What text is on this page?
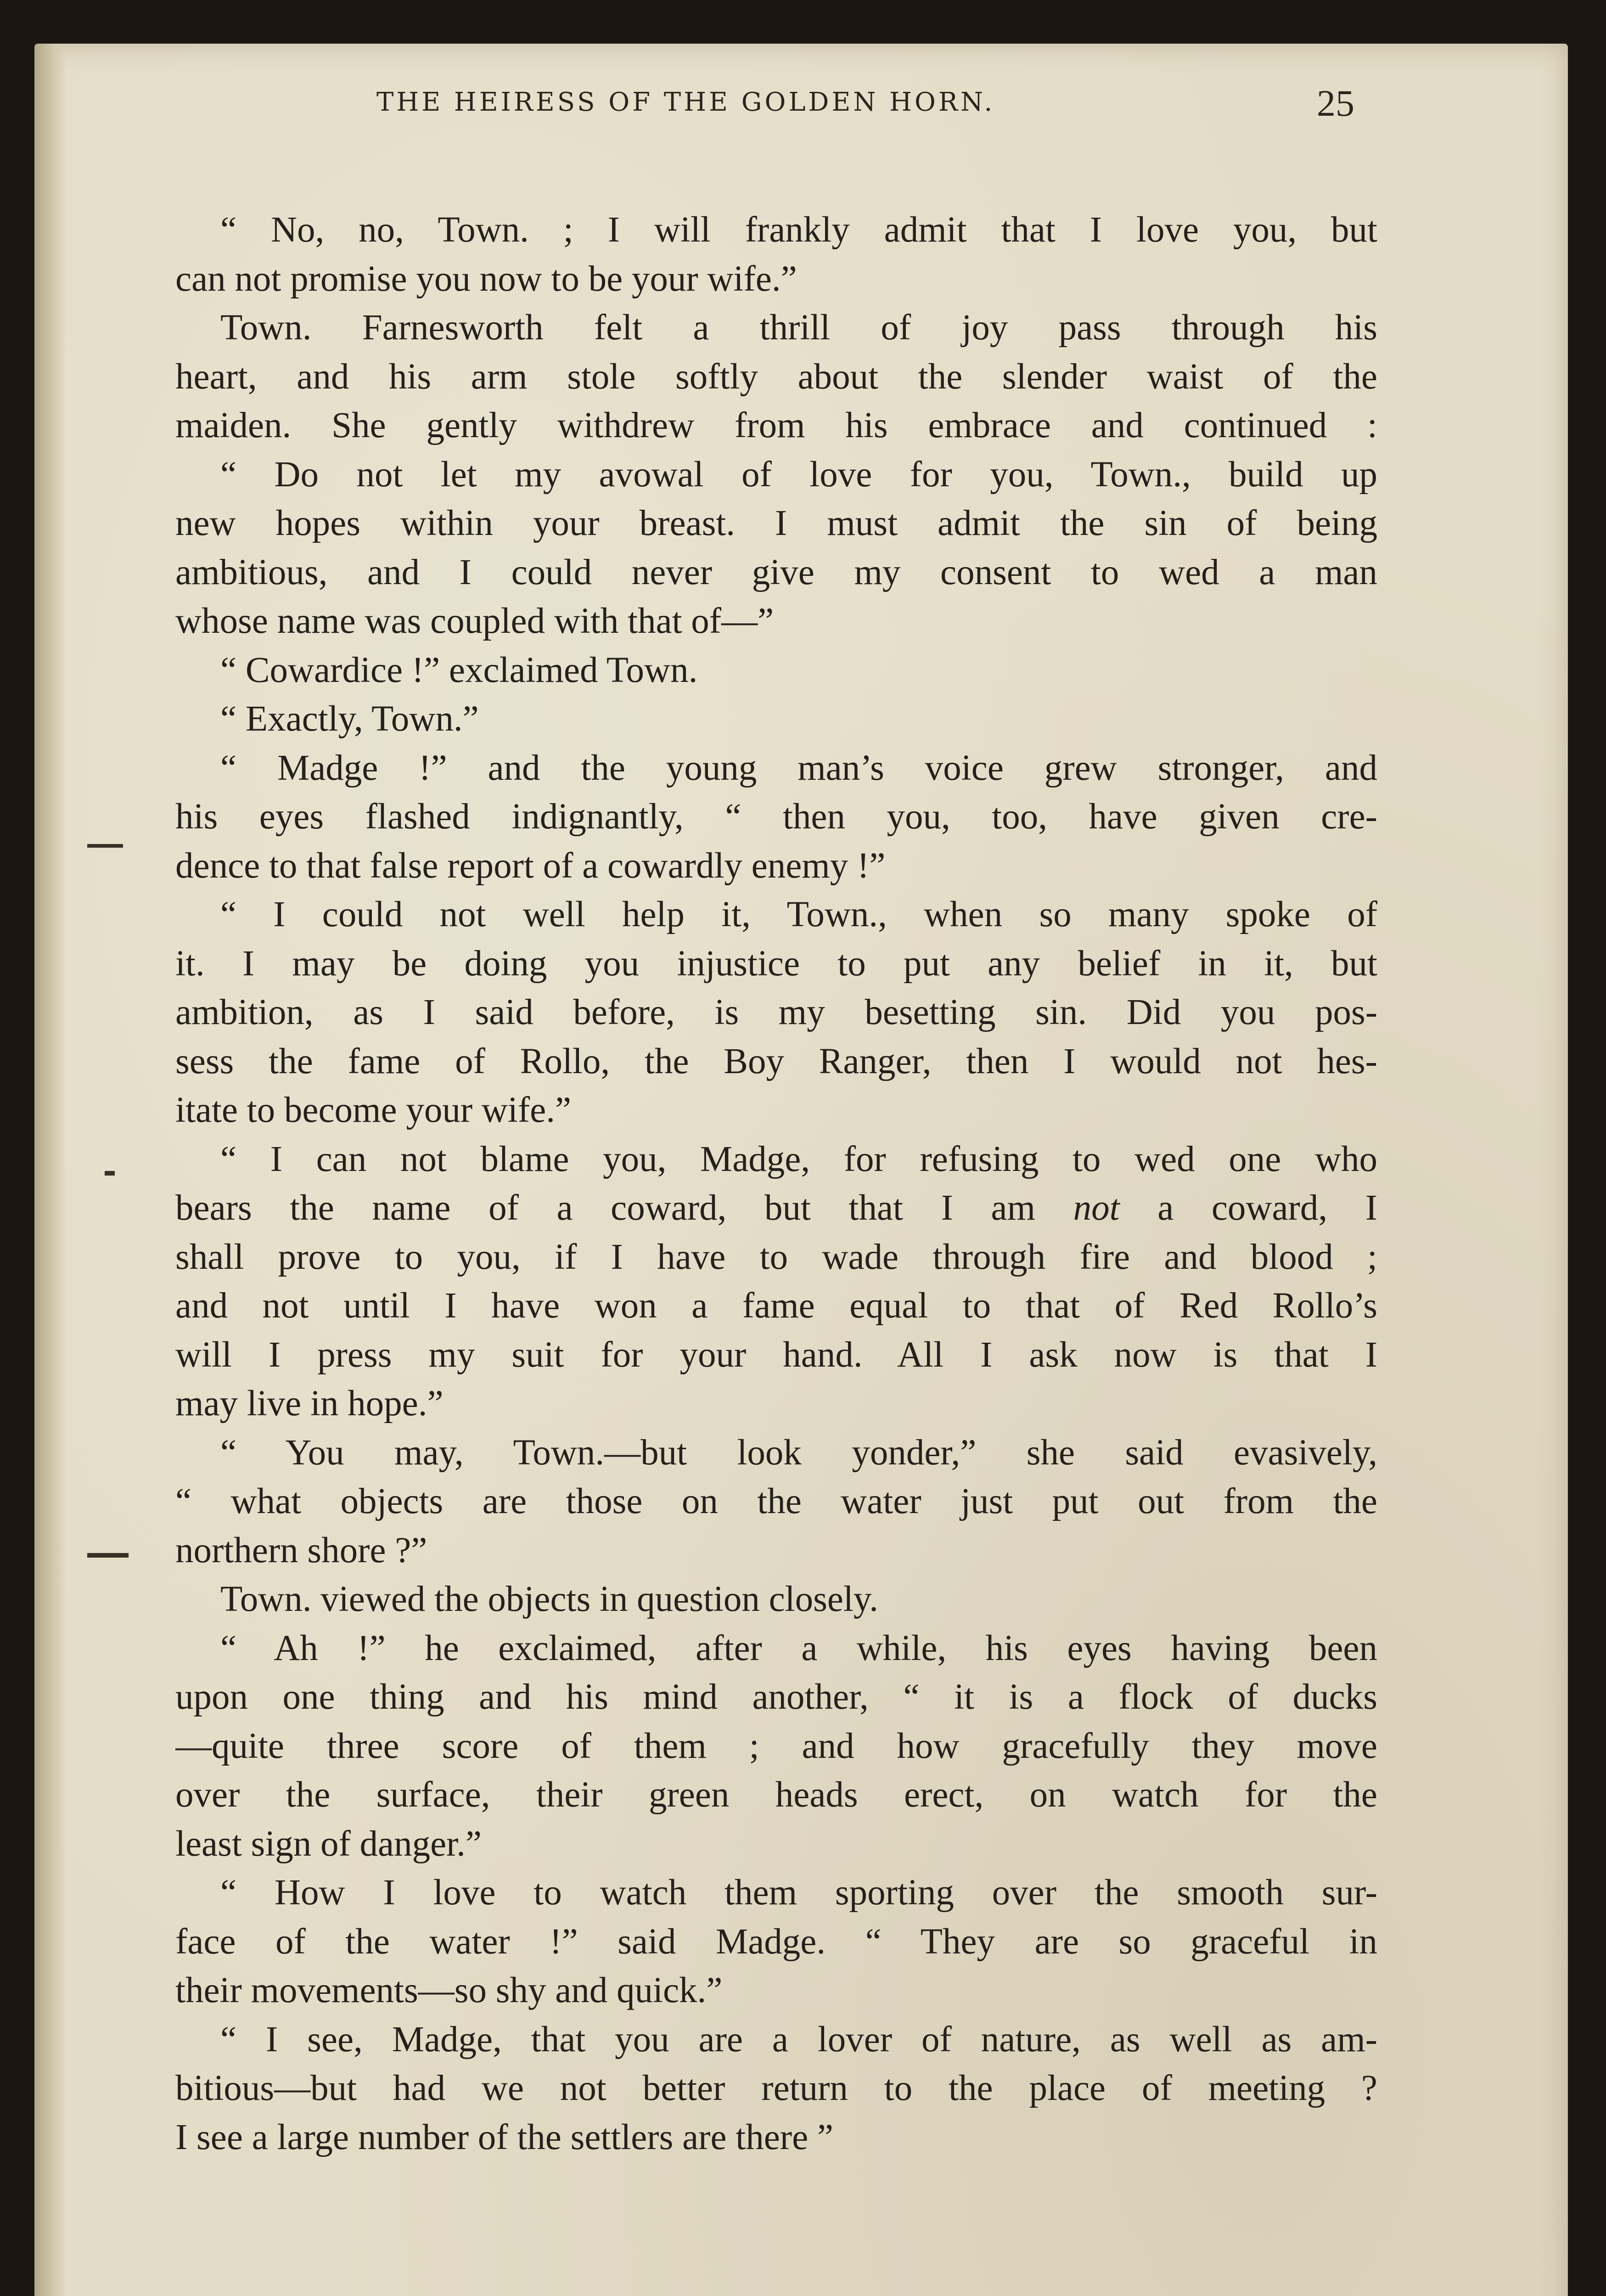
THE HEIRESS OF THE GOLDEN HORN.	25
“ No, no, Town. ; I will frankly admit that I love you, but
can not promise you now to be your wife.”
Town. Farnesworth felt a thrill of joy pass through his
heart, and his arm stole softly about the slender waist of the
maiden. She gently withdrew from his embrace and continued :
“ Do not let my avowal of love for you, Town., build up
new hopes within your breast. I must admit the sin of being
ambitious, and I could never give my consent to wed a man
whose name was coupled with that of—”
“ Cowardice !” exclaimed Town.
“ Exactly, Town.”
“ Madge !” and the young man’s voice grew stronger, and
his eyes flashed indignantly, “ then you, too, have given cre-
dence to that false report of a cowardly enemy !”
“ I could not well help it, Town., when so many spoke of
it. I may be doing you injustice to put any belief in it, but
ambition, as I said before, is my besetting sin. Did you pos-
sess the fame of Rollo, the Boy Ranger, then I would not hes-
itate to become your wife.”
“ I can not blame you, Madge, for refusing to wed one who
bears the name of a coward, but that I am not a coward, I
shall prove to you, if I have to wade through fire and blood ;
and not until I have won a fame equal to that of Red Rollo’s
will I press my suit for your hand. All I ask now is that I
may live in hope.”
“ You may, Town.—but look yonder,” she said evasively,
“ what objects are those on the water just put out from the
northern shore ?”
Town. viewed the objects in question closely.
“ Ah !” he exclaimed, after a while, his eyes having been
upon one thing and his mind another, “ it is a flock of ducks
—quite three score of them ; and how gracefully they move
over the surface, their green heads erect, on watch for the
least sign of danger.”
“ How I love to watch them sporting over the smooth sur-
face of the water !” said Madge. “ They are so graceful in
their movements—so shy and quick.”
“ I see, Madge, that you are a lover of nature, as well as am-
bitious—but had we not better return to the place of meeting ?
I see a large number of the settlers are there ”
